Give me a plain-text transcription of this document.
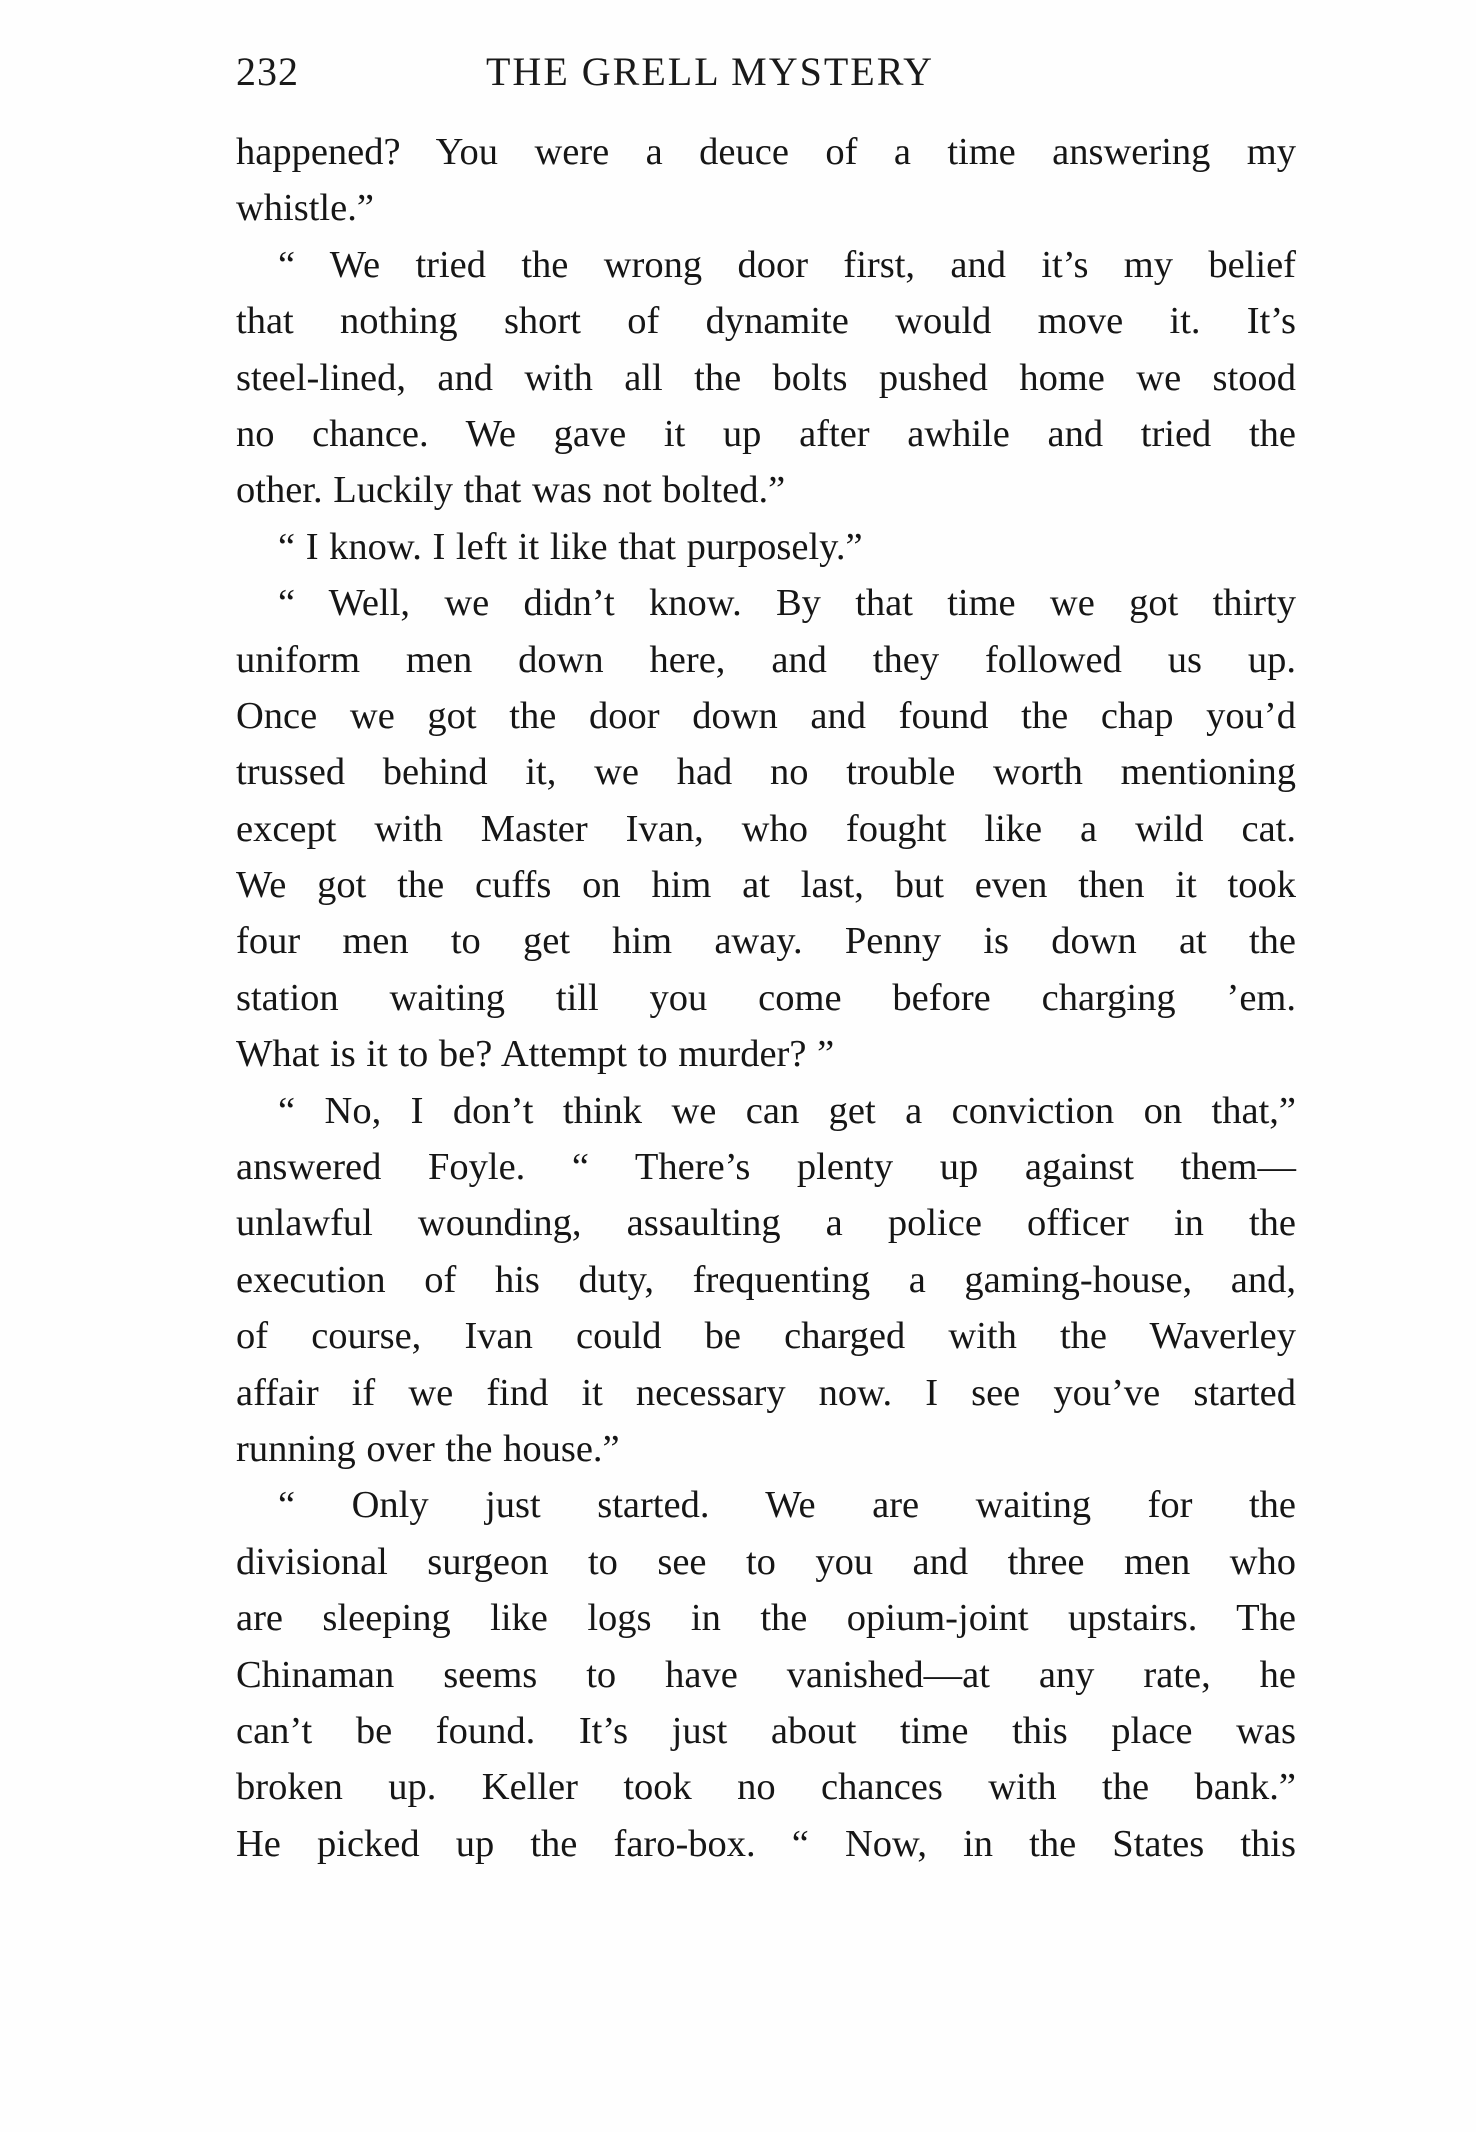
232	THE GRELL MYSTERY
happened? You were a deuce of a time answering my
whistle.”
“ We tried the wrong door first, and it’s my belief
that nothing short of dynamite would move it. It’s
steel-lined, and with all the bolts pushed home we stood
no chance. We gave it up after awhile and tried the
other. Luckily that was not bolted.”
“ I know. I left it like that purposely.”
“ Well, we didn’t know. By that time we got thirty
uniform men down here, and they followed us up.
Once we got the door down and found the chap you’d
trussed behind it, we had no trouble worth mentioning
except with Master Ivan, who fought like a wild cat.
We got the cuffs on him at last, but even then it took
four men to get him away. Penny is down at the
station waiting till you come before charging ’em.
What is it to be? Attempt to murder? ”
“ No, I don’t think we can get a conviction on that,”
answered Foyle. “ There’s plenty up against them—
unlawful wounding, assaulting a police officer in the
execution of his duty, frequenting a gaming-house, and,
of course, Ivan could be charged with the Waverley
affair if we find it necessary now. I see you’ve started
running over the house.”
“ Only just started. We are waiting for the
divisional surgeon to see to you and three men who
are sleeping like logs in the opium-joint upstairs. The
Chinaman seems to have vanished—at any rate, he
can’t be found. It’s just about time this place was
broken up. Keller took no chances with the bank.”
He picked up the faro-box. “ Now, in the States this
